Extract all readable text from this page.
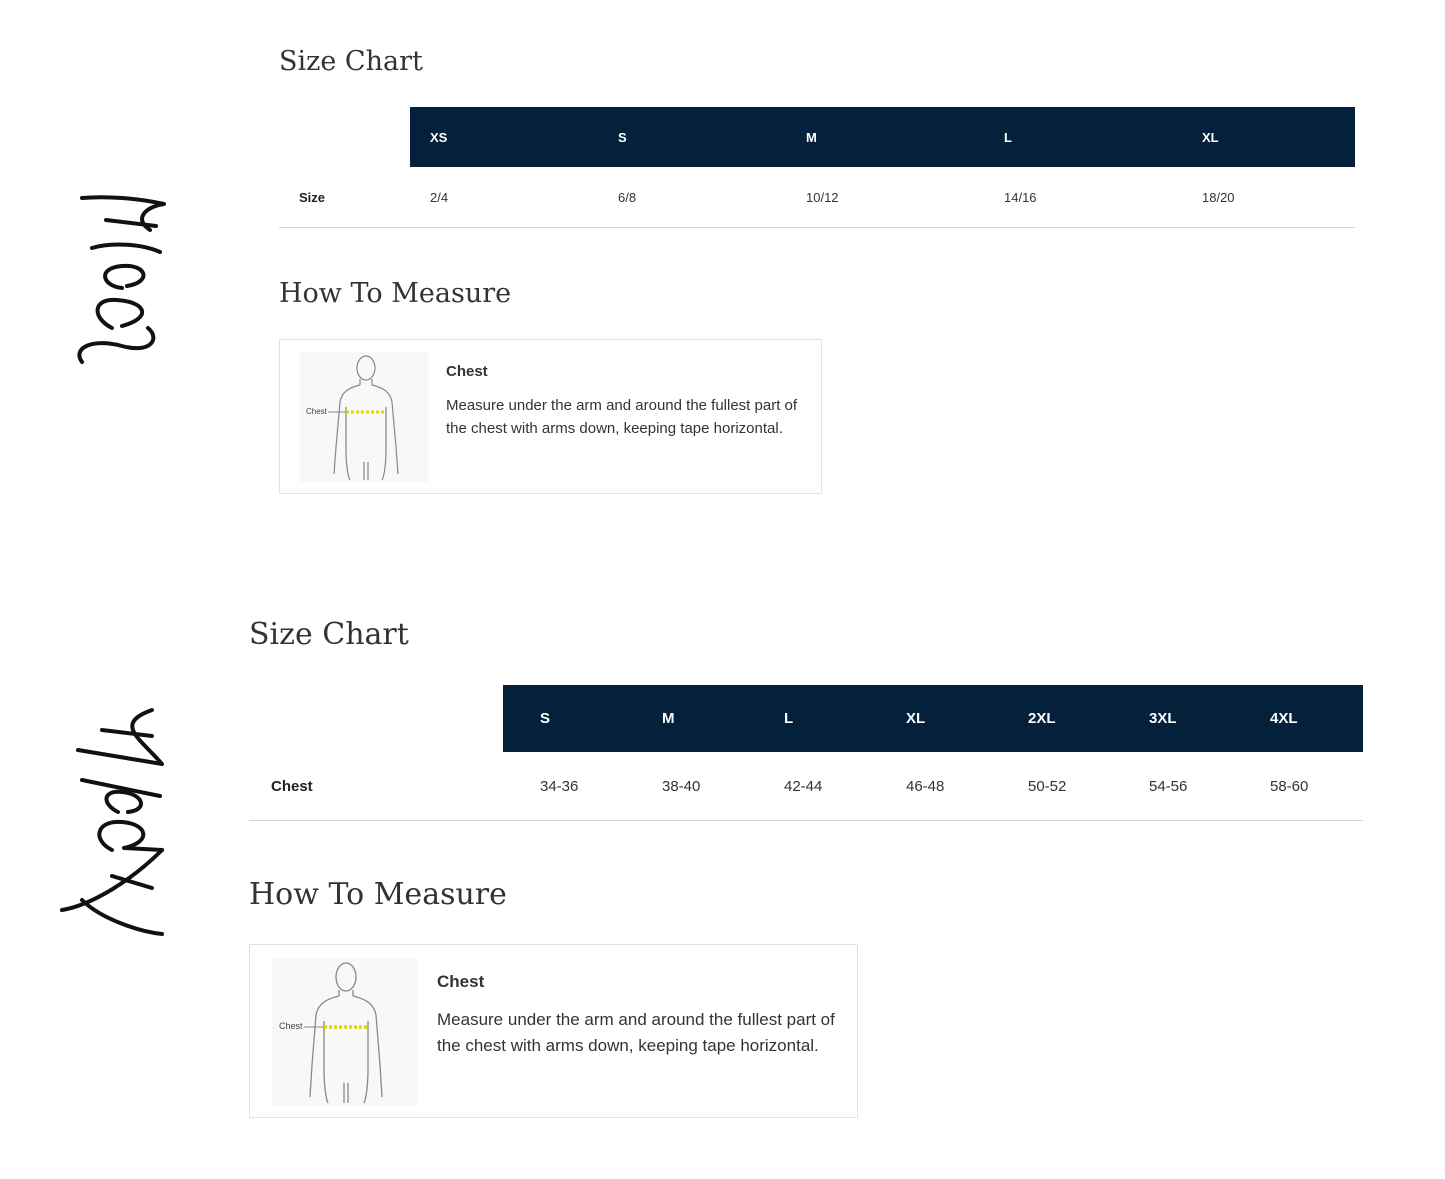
Size Chart
	XS	S	M	L	XL
Size	2/4	6/8	10/12	14/16	18/20
How To Measure
Chest
Chest
Measure under the arm and around the fullest part of the chest with arms down, keeping tape horizontal.
Size Chart
	S	M	L	XL	2XL	3XL	4XL
Chest	34-36	38-40	42-44	46-48	50-52	54-56	58-60
How To Measure
Chest
Chest
Measure under the arm and around the fullest part of the chest with arms down, keeping tape horizontal.
